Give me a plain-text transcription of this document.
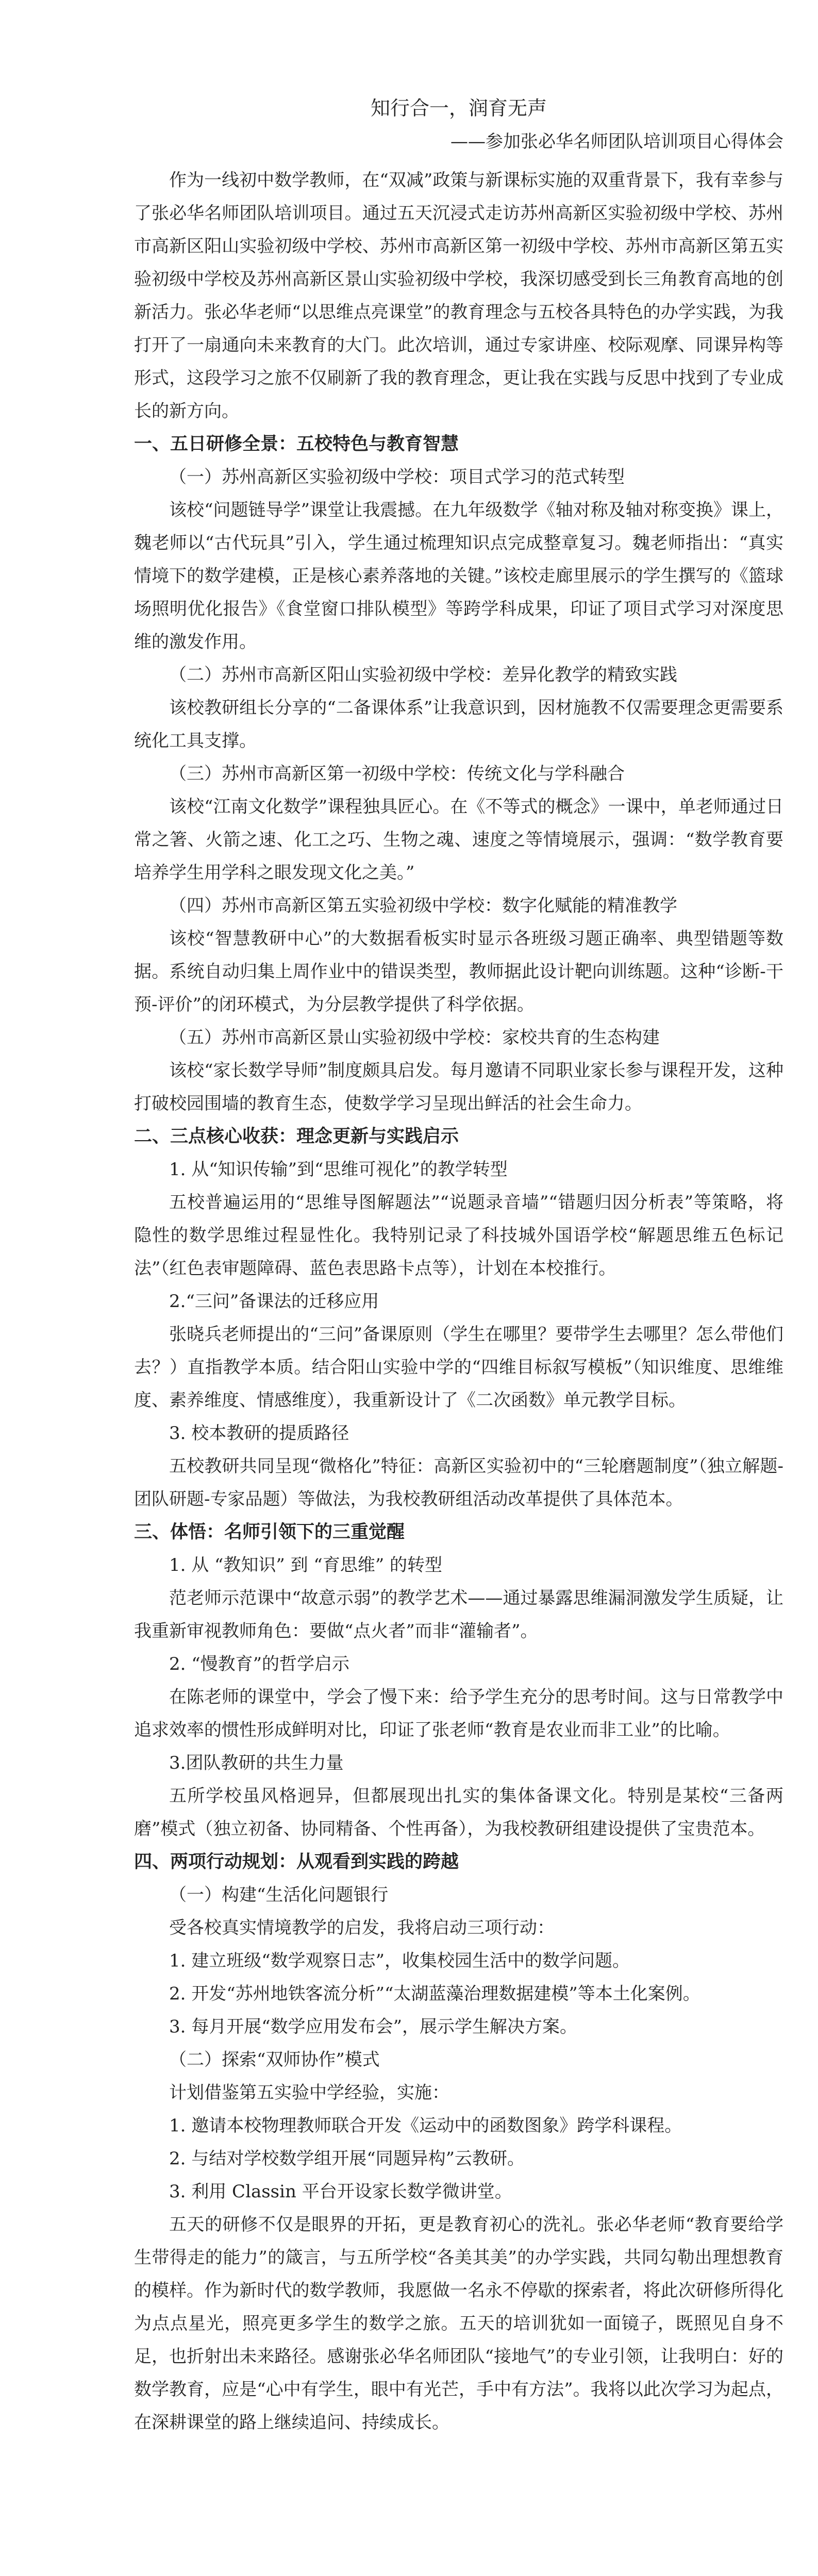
知行合一，润育无声
——参加张必华名师团队培训项目心得体会

作为一线初中数学教师，在“双减”政策与新课标实施的双重背景下，我有幸参与了张必华名师团队培训项目。通过五天沉浸式走访苏州高新区实验初级中学校、苏州市高新区阳山实验初级中学校、苏州市高新区第一初级中学校、苏州市高新区第五实验初级中学校及苏州高新区景山实验初级中学校，我深切感受到长三角教育高地的创新活力。张必华老师“以思维点亮课堂”的教育理念与五校各具特色的办学实践，为我打开了一扇通向未来教育的大门。此次培训，通过专家讲座、校际观摩、同课异构等形式，这段学习之旅不仅刷新了我的教育理念，更让我在实践与反思中找到了专业成长的新方向。

一、五日研修全景：五校特色与教育智慧
（一）苏州高新区实验初级中学校：项目式学习的范式转型

该校“问题链导学”课堂让我震撼。在九年级数学《轴对称及轴对称变换》课上，魏老师以“古代玩具”引入，学生通过梳理知识点完成整章复习。魏老师指出：“真实情境下的数学建模，正是核心素养落地的关键。”该校走廊里展示的学生撰写的《篮球场照明优化报告》《食堂窗口排队模型》等跨学科成果，印证了项目式学习对深度思维的激发作用。

（二）苏州市高新区阳山实验初级中学校：差异化教学的精致实践

该校教研组长分享的“二备课体系”让我意识到，因材施教不仅需要理念更需要系统化工具支撑。

（三）苏州市高新区第一初级中学校：传统文化与学科融合

该校“江南文化数学”课程独具匠心。在《不等式的概念》一课中，单老师通过日常之箸、火箭之速、化工之巧、生物之魂、速度之等情境展示，强调：“数学教育要培养学生用学科之眼发现文化之美。”

（四）苏州市高新区第五实验初级中学校：数字化赋能的精准教学

该校“智慧教研中心”的大数据看板实时显示各班级习题正确率、典型错题等数据。系统自动归集上周作业中的错误类型，教师据此设计靶向训练题。这种“诊断-干预-评价”的闭环模式，为分层教学提供了科学依据。

（五）苏州市高新区景山实验初级中学校：家校共育的生态构建

该校“家长数学导师”制度颇具启发。每月邀请不同职业家长参与课程开发，这种打破校园围墙的教育生态，使数学学习呈现出鲜活的社会生命力。

二、三点核心收获：理念更新与实践启示
1. 从“知识传输”到“思维可视化”的教学转型

五校普遍运用的“思维导图解题法”“说题录音墙”“错题归因分析表”等策略，将隐性的数学思维过程显性化。我特别记录了科技城外国语学校“解题思维五色标记法”（红色表审题障碍、蓝色表思路卡点等），计划在本校推行。

2.“三问”备课法的迁移应用

张晓兵老师提出的“三问”备课原则（学生在哪里？要带学生去哪里？怎么带他们去？）直指教学本质。结合阳山实验中学的“四维目标叙写模板”（知识维度、思维维度、素养维度、情感维度），我重新设计了《二次函数》单元教学目标。

3. 校本教研的提质路径

五校教研共同呈现“微格化”特征：高新区实验初中的“三轮磨题制度”（独立解题-团队研题-专家品题）等做法，为我校教研组活动改革提供了具体范本。

三、体悟：名师引领下的三重觉醒
1. 从 “教知识” 到 “育思维” 的转型

范老师示范课中“故意示弱”的教学艺术——通过暴露思维漏洞激发学生质疑，让我重新审视教师角色：要做“点火者”而非“灌输者”。

2. “慢教育”的哲学启示

在陈老师的课堂中，学会了慢下来：给予学生充分的思考时间。这与日常教学中追求效率的惯性形成鲜明对比，印证了张老师“教育是农业而非工业”的比喻。

3.团队教研的共生力量

五所学校虽风格迥异，但都展现出扎实的集体备课文化。特别是某校“三备两磨”模式（独立初备、协同精备、个性再备），为我校教研组建设提供了宝贵范本。

四、两项行动规划：从观看到实践的跨越
（一）构建“生活化问题银行

受各校真实情境教学的启发，我将启动三项行动：

1. 建立班级“数学观察日志”，收集校园生活中的数学问题。
2. 开发“苏州地铁客流分析”“太湖蓝藻治理数据建模”等本土化案例。
3. 每月开展“数学应用发布会”，展示学生解决方案。
（二）探索“双师协作”模式

计划借鉴第五实验中学经验，实施：

1. 邀请本校物理教师联合开发《运动中的函数图象》跨学科课程。
2. 与结对学校数学组开展“同题异构”云教研。
3. 利用 Classin 平台开设家长数学微讲堂。

五天的研修不仅是眼界的开拓，更是教育初心的洗礼。张必华老师“教育要给学生带得走的能力”的箴言，与五所学校“各美其美”的办学实践，共同勾勒出理想教育的模样。作为新时代的数学教师，我愿做一名永不停歇的探索者，将此次研修所得化为点点星光，照亮更多学生的数学之旅。五天的培训犹如一面镜子，既照见自身不足，也折射出未来路径。感谢张必华名师团队“接地气”的专业引领，让我明白：好的数学教育，应是“心中有学生，眼中有光芒，手中有方法”。我将以此次学习为起点，在深耕课堂的路上继续追问、持续成长。
